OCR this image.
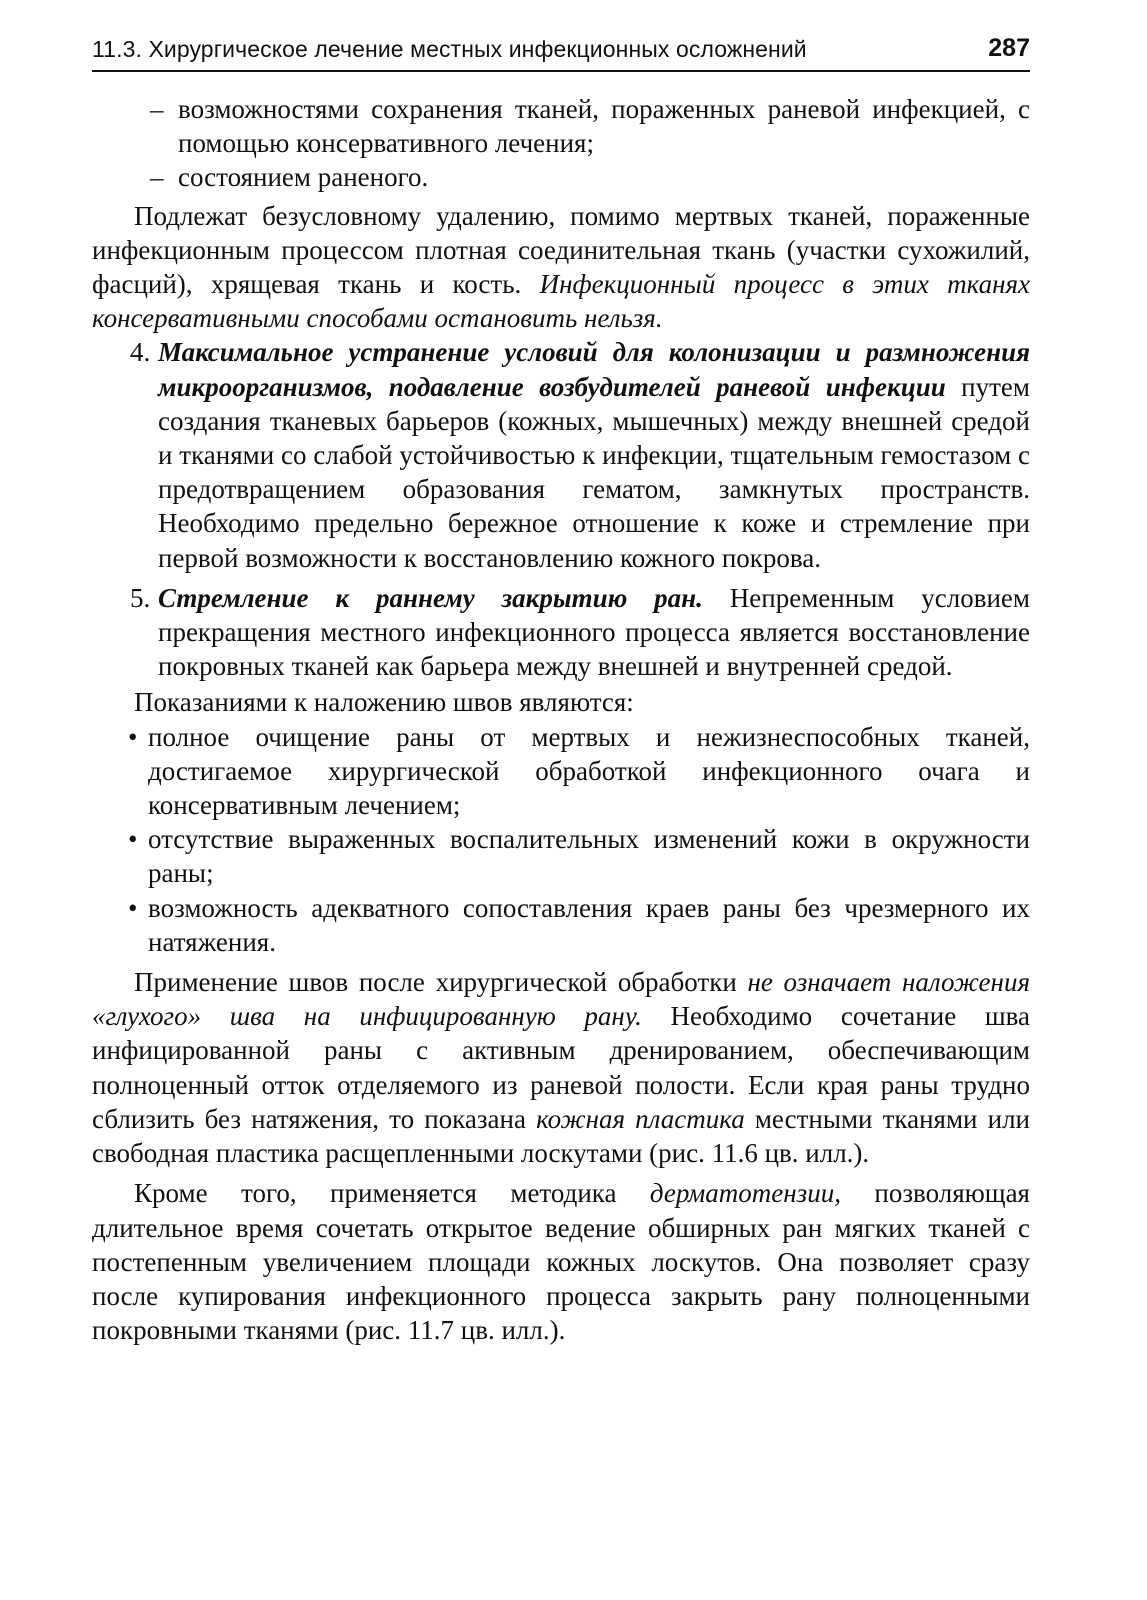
11.3. Хирургическое лечение местных инфекционных осложнений	287

– возможностями сохранения тканей, пораженных раневой инфекцией, с помощью консервативного лечения;

– состоянием раненого.

Подлежат безусловному удалению, помимо мертвых тканей, пораженные инфекционным процессом плотная соединительная ткань (участки сухожилий, фасций), хрящевая ткань и кость. Инфекционный процесс в этих тканях консервативными способами остановить нельзя.

4. Максимальное устранение условий для колонизации и размножения микроорганизмов, подавление возбудителей раневой инфекции путем создания тканевых барьеров (кожных, мышечных) между внешней средой и тканями со слабой устойчивостью к инфекции, тщательным гемостазом с предотвращением образования гематом, замкнутых пространств. Необходимо предельно бережное отношение к коже и стремление при первой возможности к восстановлению кожного покрова.

5. Стремление к раннему закрытию ран. Непременным условием прекращения местного инфекционного процесса является восстановление покровных тканей как барьера между внешней и внутренней средой.

Показаниями к наложению швов являются:

• полное очищение раны от мертвых и нежизнеспособных тканей, достигаемое хирургической обработкой инфекционного очага и консервативным лечением;

• отсутствие выраженных воспалительных изменений кожи в окружности раны;

• возможность адекватного сопоставления краев раны без чрезмерного их натяжения.

Применение швов после хирургической обработки не означает наложения «глухого» шва на инфицированную рану. Необходимо сочетание шва инфицированной раны с активным дренированием, обеспечивающим полноценный отток отделяемого из раневой полости. Если края раны трудно сблизить без натяжения, то показана кожная пластика местными тканями или свободная пластика расщепленными лоскутами (рис. 11.6 цв. илл.).

Кроме того, применяется методика дерматотензии, позволяющая длительное время сочетать открытое ведение обширных ран мягких тканей с постепенным увеличением площади кожных лоскутов. Она позволяет сразу после купирования инфекционного процесса закрыть рану полноценными покровными тканями (рис. 11.7 цв. илл.).
